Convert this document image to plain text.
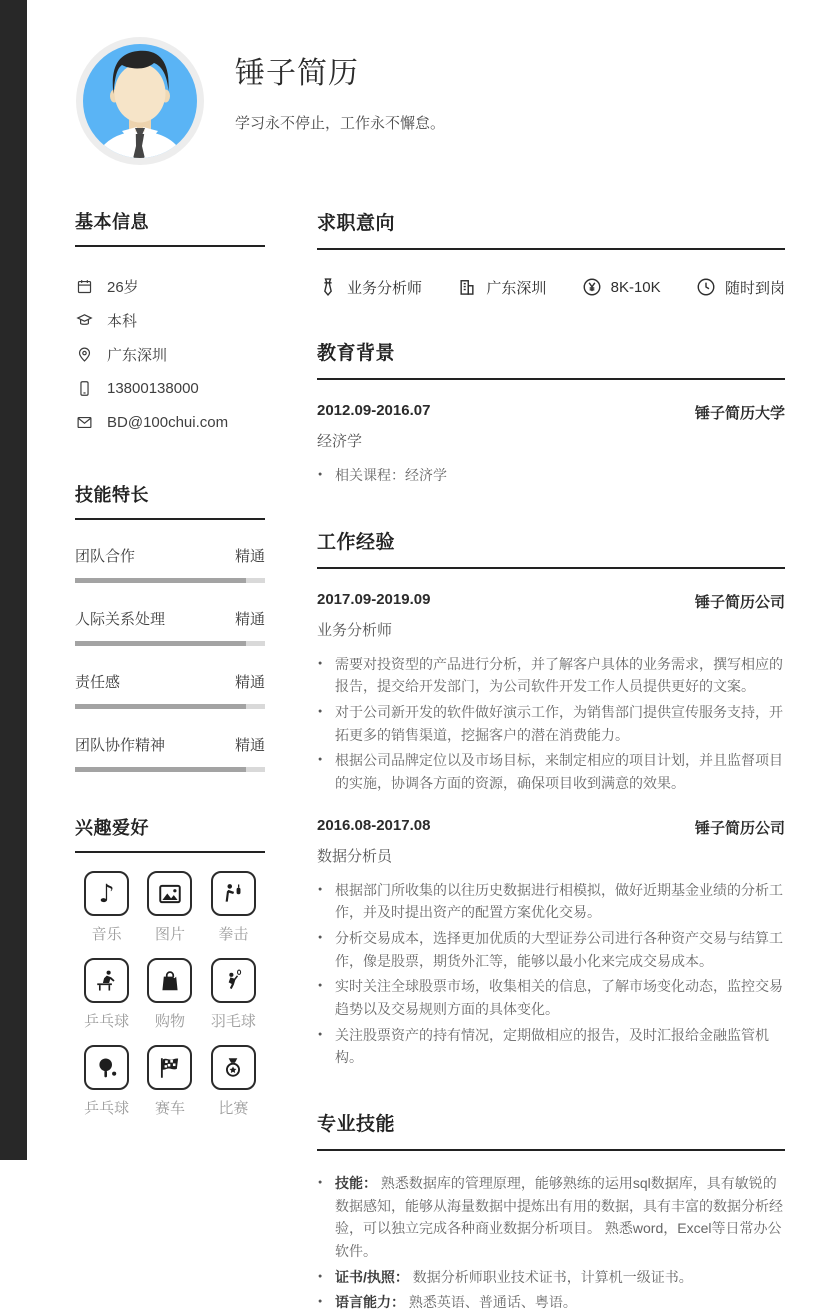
锤子简历
学习永不停止，工作永不懈怠。
基本信息
26岁
本科
广东深圳
13800138000
BD@100chui.com
技能特长
团队合作	精通
人际关系处理	精通
责任感	精通
团队协作精神	精通
兴趣爱好
♪
音乐 图片 拳击
乒乓球 购物 羽毛球
乒乓球 赛车 比赛
求职意向
业务分析师	广东深圳	8K-10K	随时到岗
教育背景
2012.09-2016.07	锤子简历大学
经济学
● 相关课程：经济学
工作经验
2017.09-2019.09	锤子简历公司
业务分析师
● 需要对投资型的产品进行分析，并了解客户具体的业务需求，撰写相应的报告，提交给开发部门，为公司软件开发工作人员提供更好的文案。
● 对于公司新开发的软件做好演示工作，为销售部门提供宣传服务支持，开拓更多的销售渠道，挖掘客户的潜在消费能力。
● 根据公司品牌定位以及市场目标，来制定相应的项目计划，并且监督项目的实施，协调各方面的资源，确保项目收到满意的效果。
2016.08-2017.08	锤子简历公司
数据分析员
● 根据部门所收集的以往历史数据进行相模拟，做好近期基金业绩的分析工作，并及时提出资产的配置方案优化交易。
● 分析交易成本，选择更加优质的大型证券公司进行各种资产交易与结算工作，像是股票，期货外汇等，能够以最小化来完成交易成本。
● 实时关注全球股票市场，收集相关的信息，了解市场变化动态，监控交易趋势以及交易规则方面的具体变化。
● 关注股票资产的持有情况，定期做相应的报告，及时汇报给金融监管机构。
专业技能
● 技能： 熟悉数据库的管理原理，能够熟练的运用sql数据库，具有敏锐的数据感知，能够从海量数据中提炼出有用的数据，具有丰富的数据分析经验，可以独立完成各种商业数据分析项目。 熟悉word，Excel等日常办公软件。
● 证书/执照： 数据分析师职业技术证书，计算机一级证书。
● 语言能力： 熟悉英语、普通话、粤语。
